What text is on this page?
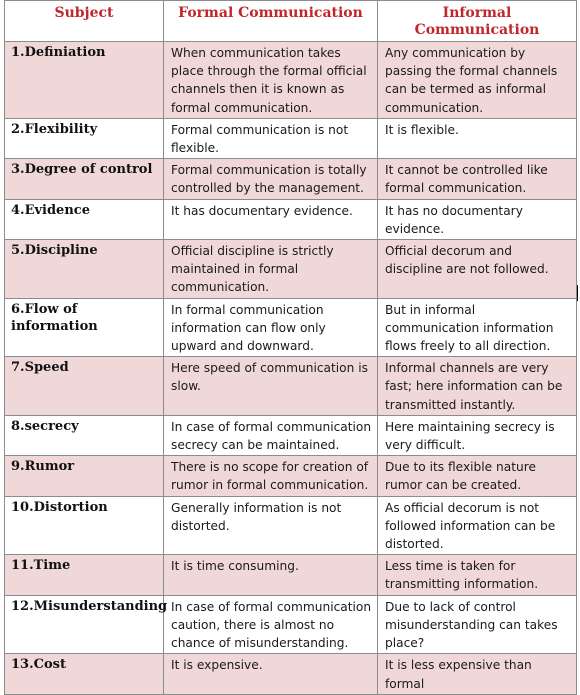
Subject	Formal Communication	Informal Communication
1.Definiation	When communication takes place through the formal official channels then it is known as formal communication.	Any communication by passing the formal channels can be termed as informal communication.
2.Flexibility	Formal communication is not flexible.	It is flexible.
3.Degree of control	Formal communication is totally controlled by the management.	It cannot be controlled like formal communication.
4.Evidence	It has documentary evidence.	It has no documentary evidence.
5.Discipline	Official discipline is strictly maintained in formal communication.	Official decorum and discipline are not followed.
6.Flow of information	In formal communication information can flow only upward and downward.	But in informal communication information flows freely to all direction.
7.Speed	Here speed of communication is slow.	Informal channels are very fast; here information can be transmitted instantly.
8.secrecy	In case of formal communication secrecy can be maintained.	Here maintaining secrecy is very difficult.
9.Rumor	There is no scope for creation of rumor in formal communication.	Due to its flexible nature rumor can be created.
10.Distortion	Generally information is not distorted.	As official decorum is not followed information can be distorted.
11.Time	It is time consuming.	Less time is taken for transmitting information.
12.Misunderstanding	In case of formal communication caution, there is almost no chance of misunderstanding.	Due to lack of control misunderstanding can takes place?
13.Cost	It is expensive.	It is less expensive than formal
